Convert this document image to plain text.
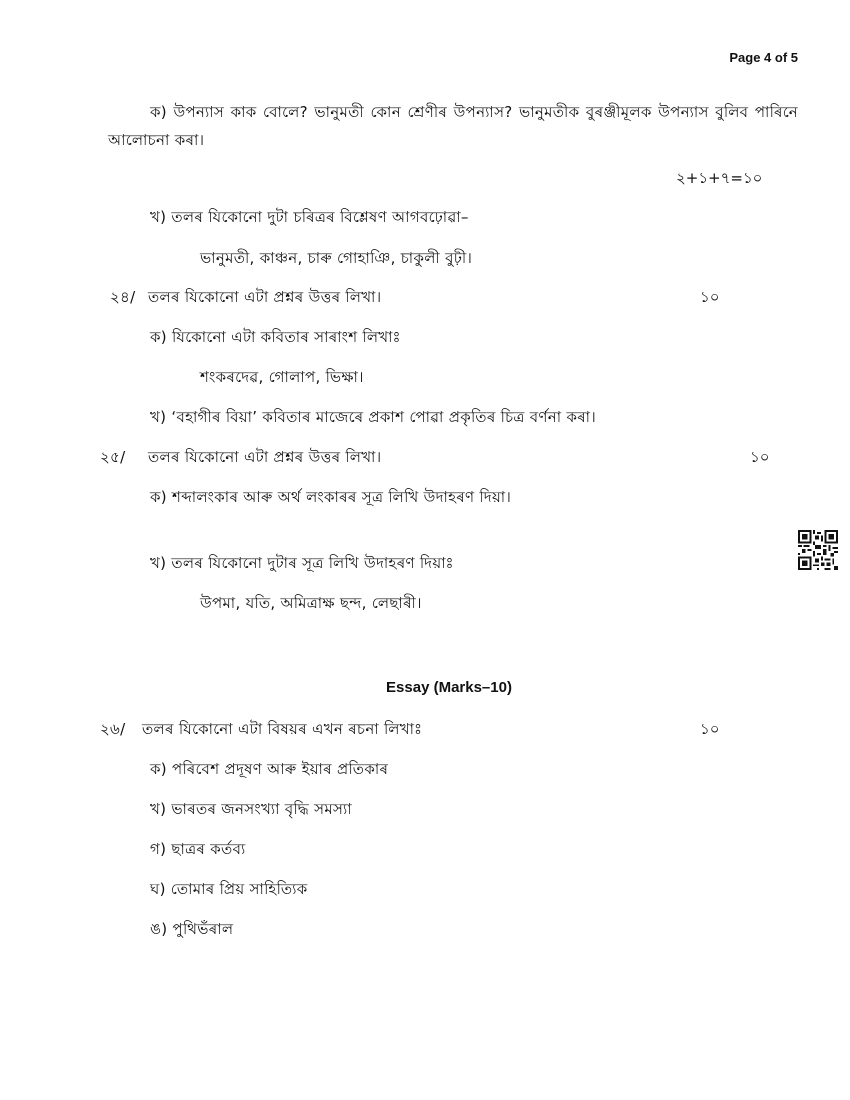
Page 4 of 5
ক) উপন্যাস কাক বোলে? ভানুমতী কোন শ্ৰেণীৰ উপন্যাস? ভানুমতীক বুৰঞ্জীমূলক উপন্যাস বুলিব পাৰিনে আলোচনা কৰা।
২+১+৭=১০
খ) তলৰ যিকোনো দুটা চৰিত্ৰৰ বিশ্লেষণ আগবঢ়োৱা–
ভানুমতী, কাঞ্চন, চাৰু গোহাঞি, চাকুলী বুঢ়ী।
২৪/ তলৰ যিকোনো এটা প্ৰশ্নৰ উত্তৰ লিখা।	১০
ক) যিকোনো এটা কবিতাৰ সাৰাংশ লিখাঃ
শংকৰদেৱ, গোলাপ, ভিক্ষা।
খ) ‘বহাগীৰ বিয়া’ কবিতাৰ মাজেৰে প্ৰকাশ পোৱা প্ৰকৃতিৰ চিত্ৰ বৰ্ণনা কৰা।
২৫/ তলৰ যিকোনো এটা প্ৰশ্নৰ উত্তৰ লিখা।	১০
ক) শব্দালংকাৰ আৰু অৰ্থ লংকাৰৰ সূত্ৰ লিখি উদাহৰণ দিয়া।
খ) তলৰ যিকোনো দুটাৰ সূত্ৰ লিখি উদাহৰণ দিয়াঃ
উপমা, যতি, অমিত্ৰাক্ষ ছন্দ, লেছাৰী।
Essay (Marks–10)
২৬/ তলৰ যিকোনো এটা বিষয়ৰ এখন ৰচনা লিখাঃ	১০
ক) পৰিবেশ প্ৰদূষণ আৰু ইয়াৰ প্ৰতিকাৰ
খ) ভাৰতৰ জনসংখ্যা বৃদ্ধি সমস্যা
গ) ছাত্ৰৰ কৰ্তব্য
ঘ) তোমাৰ প্ৰিয় সাহিত্যিক
ঙ) পুথিভঁৰাল
